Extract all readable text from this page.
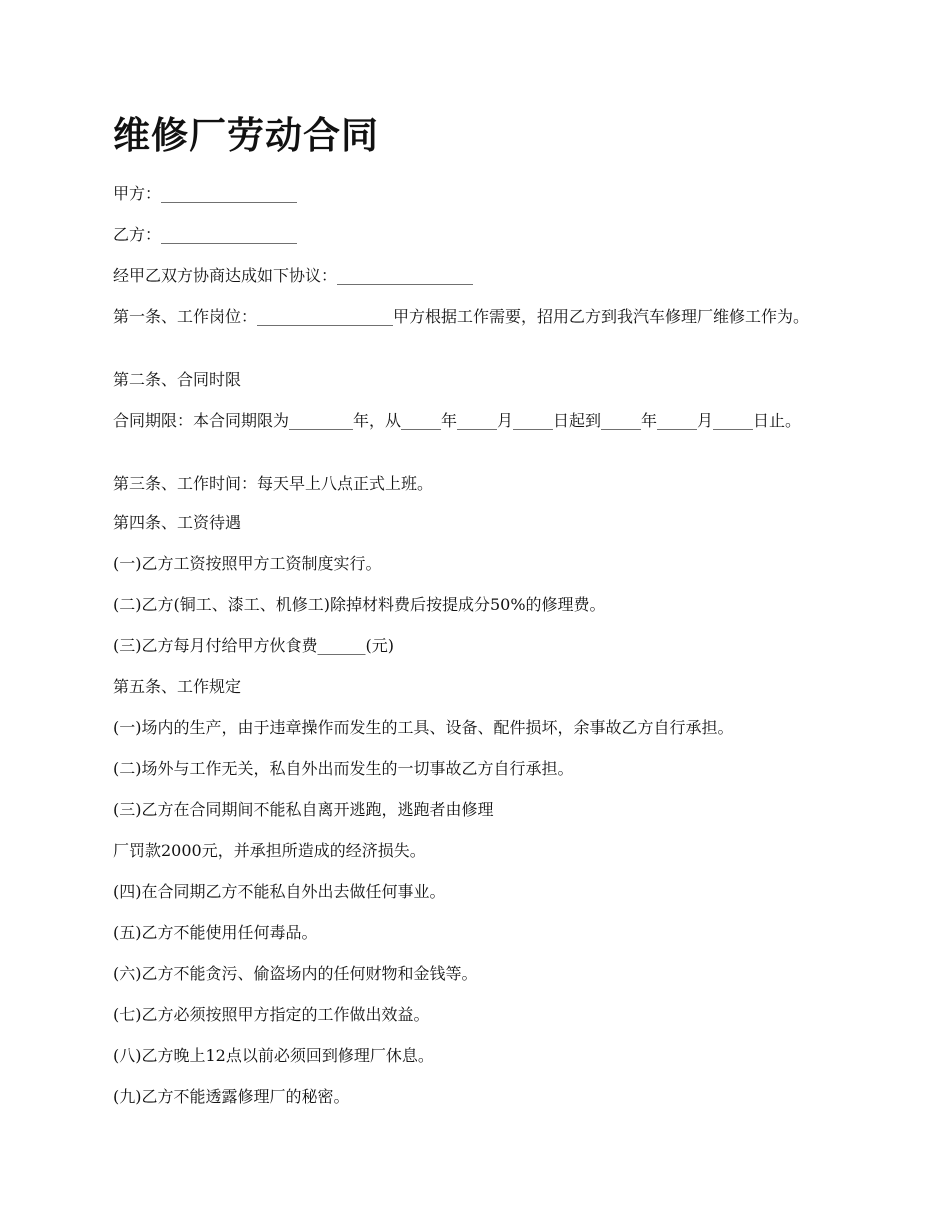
维修厂劳动合同

甲方：_________________

乙方：_________________

经甲乙双方协商达成如下协议：_________________

第一条、工作岗位：_________________甲方根据工作需要，招用乙方到我汽车修理厂维修工作为。

第二条、合同时限

合同期限：本合同期限为________年，从_____年_____月_____日起到_____年_____月_____日止。

第三条、工作时间：每天早上八点正式上班。

第四条、工资待遇

(一)乙方工资按照甲方工资制度实行。

(二)乙方(铜工、漆工、机修工)除掉材料费后按提成分50%的修理费。

(三)乙方每月付给甲方伙食费______(元)

第五条、工作规定

(一)场内的生产，由于违章操作而发生的工具、设备、配件损坏，余事故乙方自行承担。

(二)场外与工作无关，私自外出而发生的一切事故乙方自行承担。

(三)乙方在合同期间不能私自离开逃跑，逃跑者由修理

厂罚款2000元，并承担所造成的经济损失。

(四)在合同期乙方不能私自外出去做任何事业。

(五)乙方不能使用任何毒品。

(六)乙方不能贪污、偷盗场内的任何财物和金钱等。

(七)乙方必须按照甲方指定的工作做出效益。

(八)乙方晚上12点以前必须回到修理厂休息。

(九)乙方不能透露修理厂的秘密。
